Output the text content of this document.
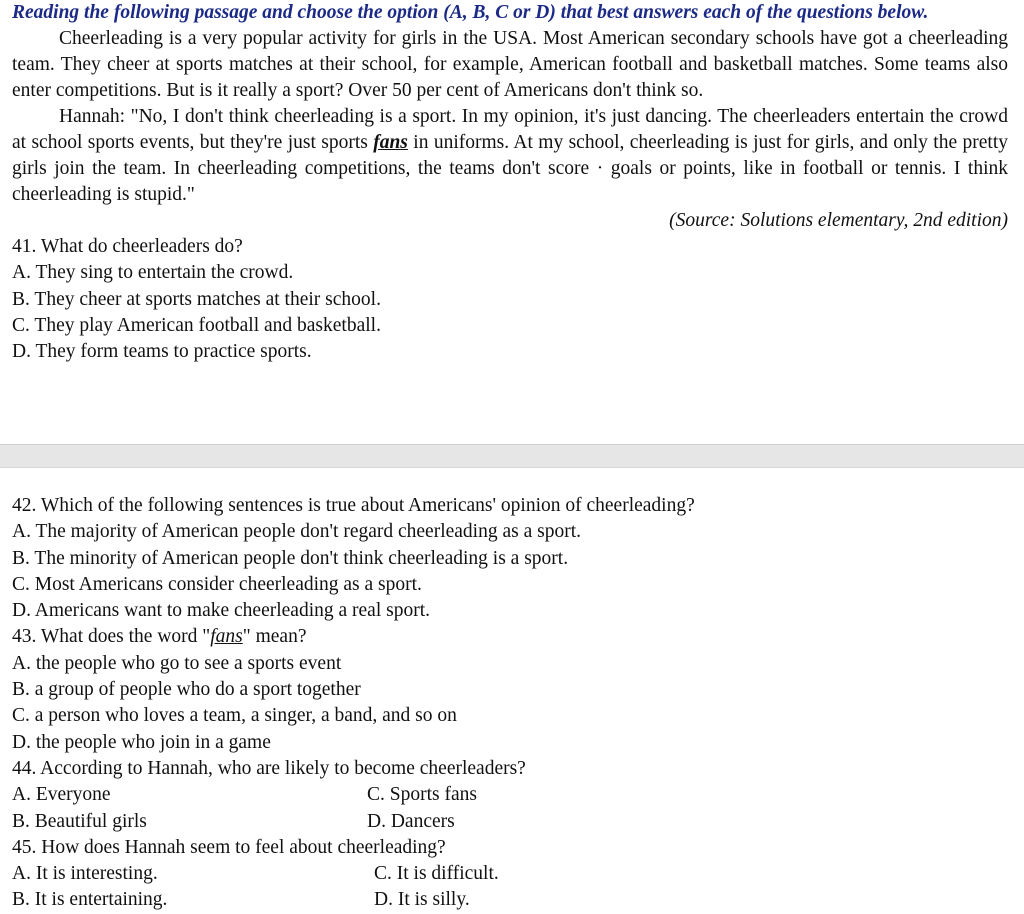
Reading the following passage and choose the option (A, B, C or D) that best answers each of the questions below.

Cheerleading is a very popular activity for girls in the USA. Most American secondary schools have got a cheerleading team. They cheer at sports matches at their school, for example, American football and basketball matches. Some teams also enter competitions. But is it really a sport? Over 50 per cent of Americans don't think so.

Hannah: "No, I don't think cheerleading is a sport. In my opinion, it's just dancing. The cheerleaders entertain the crowd at school sports events, but they're just sports fans in uniforms. At my school, cheerleading is just for girls, and only the pretty girls join the team. In cheerleading competitions, the teams don't score · goals or points, like in football or tennis. I think cheerleading is stupid."

(Source: Solutions elementary, 2nd edition)

41. What do cheerleaders do?

A. They sing to entertain the crowd.

B. They cheer at sports matches at their school.

C. They play American football and basketball.

D. They form teams to practice sports.

42. Which of the following sentences is true about Americans' opinion of cheerleading?

A. The majority of American people don't regard cheerleading as a sport.

B. The minority of American people don't think cheerleading is a sport.

C. Most Americans consider cheerleading as a sport.

D. Americans want to make cheerleading a real sport.

43. What does the word "fans" mean?

A. the people who go to see a sports event

B. a group of people who do a sport together

C. a person who loves a team, a singer, a band, and so on

D. the people who join in a game

44. According to Hannah, who are likely to become cheerleaders?

A. Everyone	C. Sports fans
B. Beautiful girls	D. Dancers

45. How does Hannah seem to feel about cheerleading?

A. It is interesting.	C. It is difficult.
B. It is entertaining.	D. It is silly.
